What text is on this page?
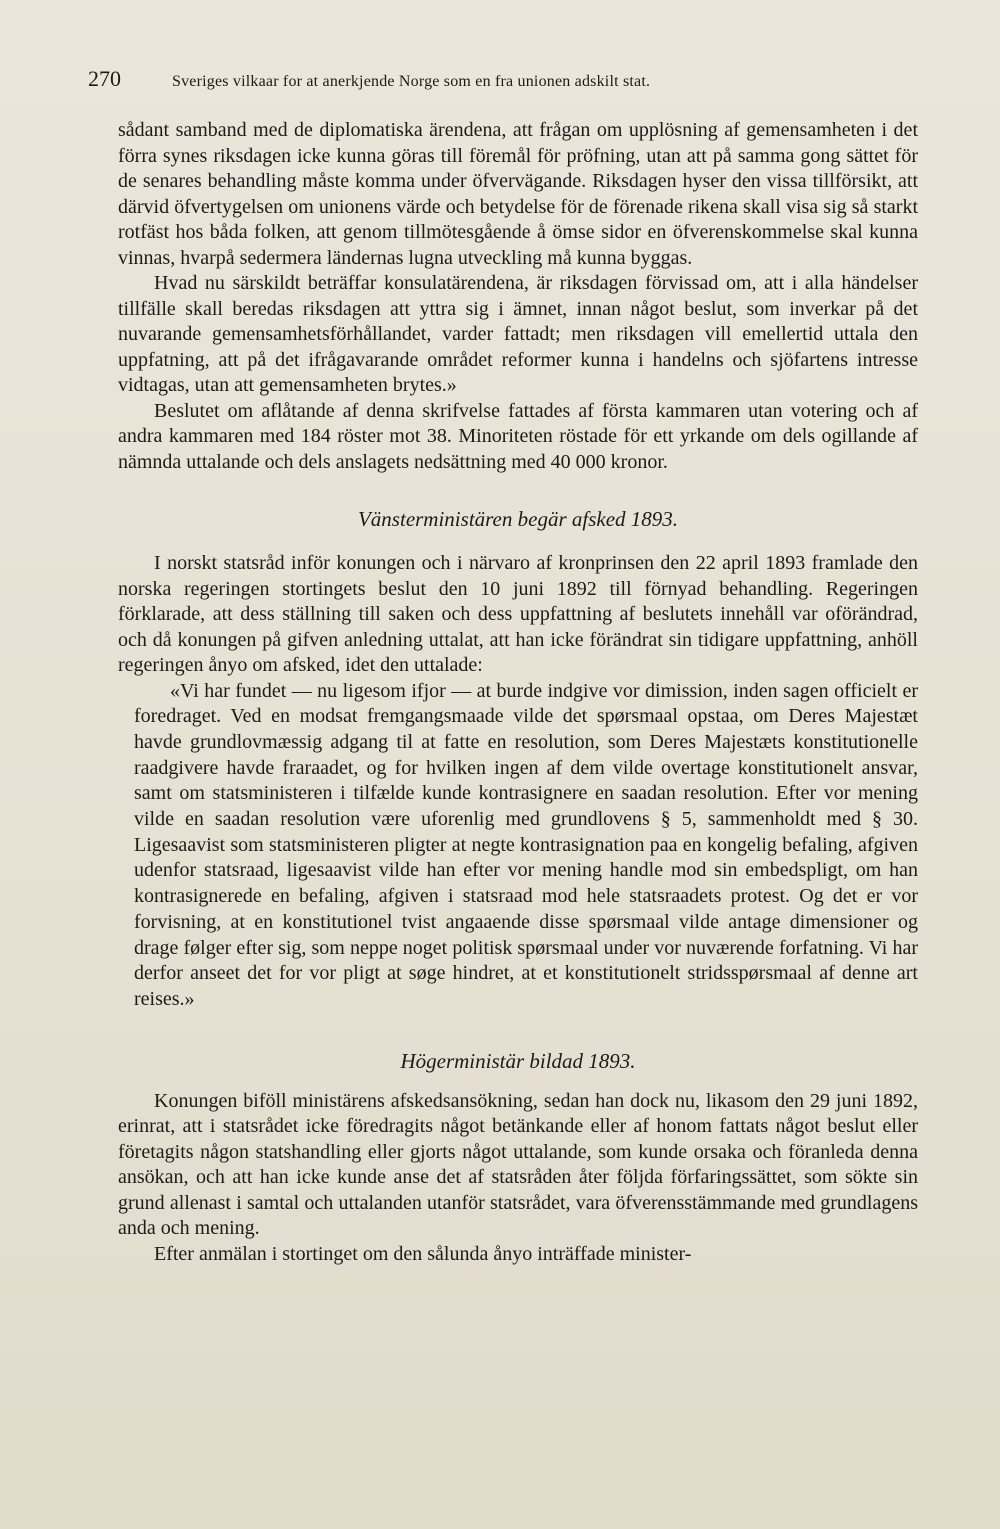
270	Sveriges vilkaar for at anerkjende Norge som en fra unionen adskilt stat.

sådant samband med de diplomatiska ärendena, att frågan om upplösning af gemensamheten i det förra synes riksdagen icke kunna göras till föremål för pröfning, utan att på samma gong sättet för de senares behandling måste komma under öfvervägande. Riksdagen hyser den vissa tillförsikt, att därvid öfvertygelsen om unionens värde och betydelse för de förenade rikena skall visa sig så starkt rotfäst hos båda folken, att genom tillmötesgående å ömse sidor en öfverenskommelse skal kunna vinnas, hvarpå sedermera ländernas lugna utveckling må kunna byggas.

Hvad nu särskildt beträffar konsulatärendena, är riksdagen förvissad om, att i alla händelser tillfälle skall beredas riksdagen att yttra sig i ämnet, innan något beslut, som inverkar på det nuvarande gemensamhetsförhållandet, varder fattadt; men riksdagen vill emellertid uttala den uppfatning, att på det ifrågavarande området reformer kunna i handelns och sjöfartens intresse vidtagas, utan att gemensamheten brytes.»

Beslutet om aflåtande af denna skrifvelse fattades af första kammaren utan votering och af andra kammaren med 184 röster mot 38. Minoriteten röstade för ett yrkande om dels ogillande af nämnda uttalande och dels anslagets nedsättning med 40 000 kronor.

Vänsterministären begär afsked 1893.

I norskt statsråd inför konungen och i närvaro af kronprinsen den 22 april 1893 framlade den norska regeringen stortingets beslut den 10 juni 1892 till förnyad behandling. Regeringen förklarade, att dess ställning till saken och dess uppfattning af beslutets innehåll var oförändrad, och då konungen på gifven anledning uttalat, att han icke förändrat sin tidigare uppfattning, anhöll regeringen ånyo om afsked, idet den uttalade:

«Vi har fundet — nu ligesom ifjor — at burde indgive vor dimission, inden sagen officielt er foredraget. Ved en modsat fremgangsmaade vilde det spørsmaal opstaa, om Deres Majestæt havde grundlovmæssig adgang til at fatte en resolution, som Deres Majestæts konstitutionelle raadgivere havde fraraadet, og for hvilken ingen af dem vilde overtage konstitutionelt ansvar, samt om statsministeren i tilfælde kunde kontrasignere en saadan resolution. Efter vor mening vilde en saadan resolution være uforenlig med grundlovens § 5, sammenholdt med § 30. Ligesaavist som statsministeren pligter at negte kontrasignation paa en kongelig befaling, afgiven udenfor statsraad, ligesaavist vilde han efter vor mening handle mod sin embedspligt, om han kontrasignerede en befaling, afgiven i statsraad mod hele statsraadets protest. Og det er vor forvisning, at en konstitutionel tvist angaaende disse spørsmaal vilde antage dimensioner og drage følger efter sig, som neppe noget politisk spørsmaal under vor nuværende forfatning. Vi har derfor anseet det for vor pligt at søge hindret, at et konstitutionelt stridsspørsmaal af denne art reises.»

Högerministär bildad 1893.

Konungen biföll ministärens afskedsansökning, sedan han dock nu, likasom den 29 juni 1892, erinrat, att i statsrådet icke föredragits något betänkande eller af honom fattats något beslut eller företagits någon statshandling eller gjorts något uttalande, som kunde orsaka och föranleda denna ansökan, och att han icke kunde anse det af statsråden åter följda förfaringssättet, som sökte sin grund allenast i samtal och uttalanden utanför statsrådet, vara öfverensstämmande med grundlagens anda och mening.

Efter anmälan i stortinget om den sålunda ånyo inträffade minister-
